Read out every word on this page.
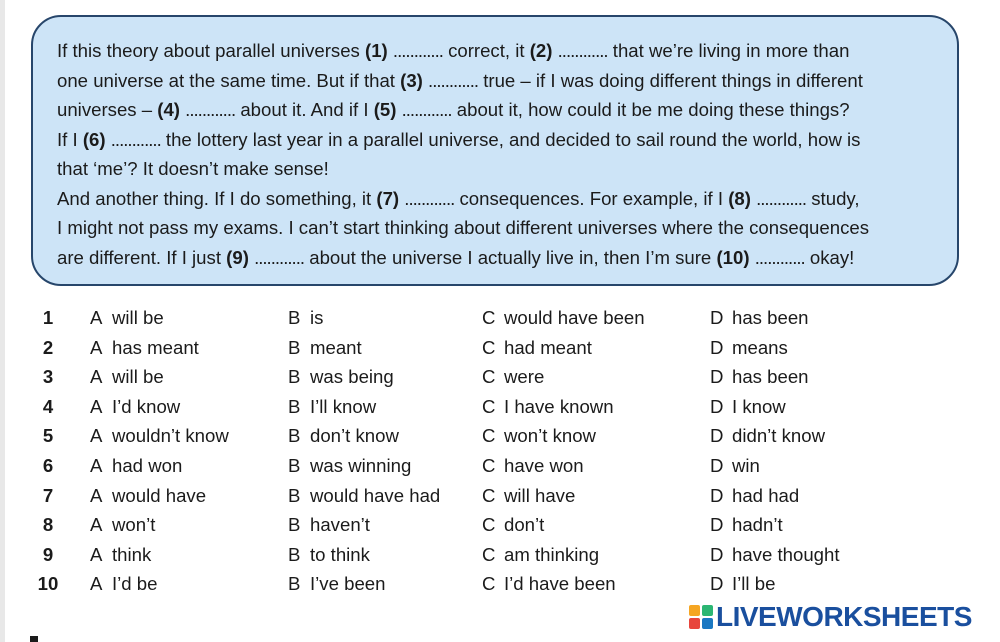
If this theory about parallel universes (1) ............ correct, it (2) ............ that we’re living in more than

one universe at the same time. But if that (3) ............ true – if I was doing different things in different

universes – (4) ............ about it. And if I (5) ............ about it, how could it be me doing these things?

If I (6) ............ the lottery last year in a parallel universe, and decided to sail round the world, how is

that ‘me’? It doesn’t make sense!

And another thing. If I do something, it (7) ............ consequences. For example, if I (8) ............ study,

I might not pass my exams. I can’t start thinking about different universes where the consequences

are different. If I just (9) ............ about the universe I actually live in, then I’m sure (10) ............ okay!

1	A will be	B is	C would have been	D has been
2	A has meant	B meant	C had meant	D means
3	A will be	B was being	C were	D has been
4	A I’d know	B I’ll know	C I have known	D I know
5	A wouldn’t know	B don’t know	C won’t know	D didn’t know
6	A had won	B was winning	C have won	D win
7	A would have	B would have had C will have	D had had
8	A won’t	B haven’t	C don’t	D hadn’t
9	A think	B to think	C am thinking	D have thought
10 A I’d be	B I’ve been	C I’d have been	D I’ll be
LIVEWORKSHEETS
